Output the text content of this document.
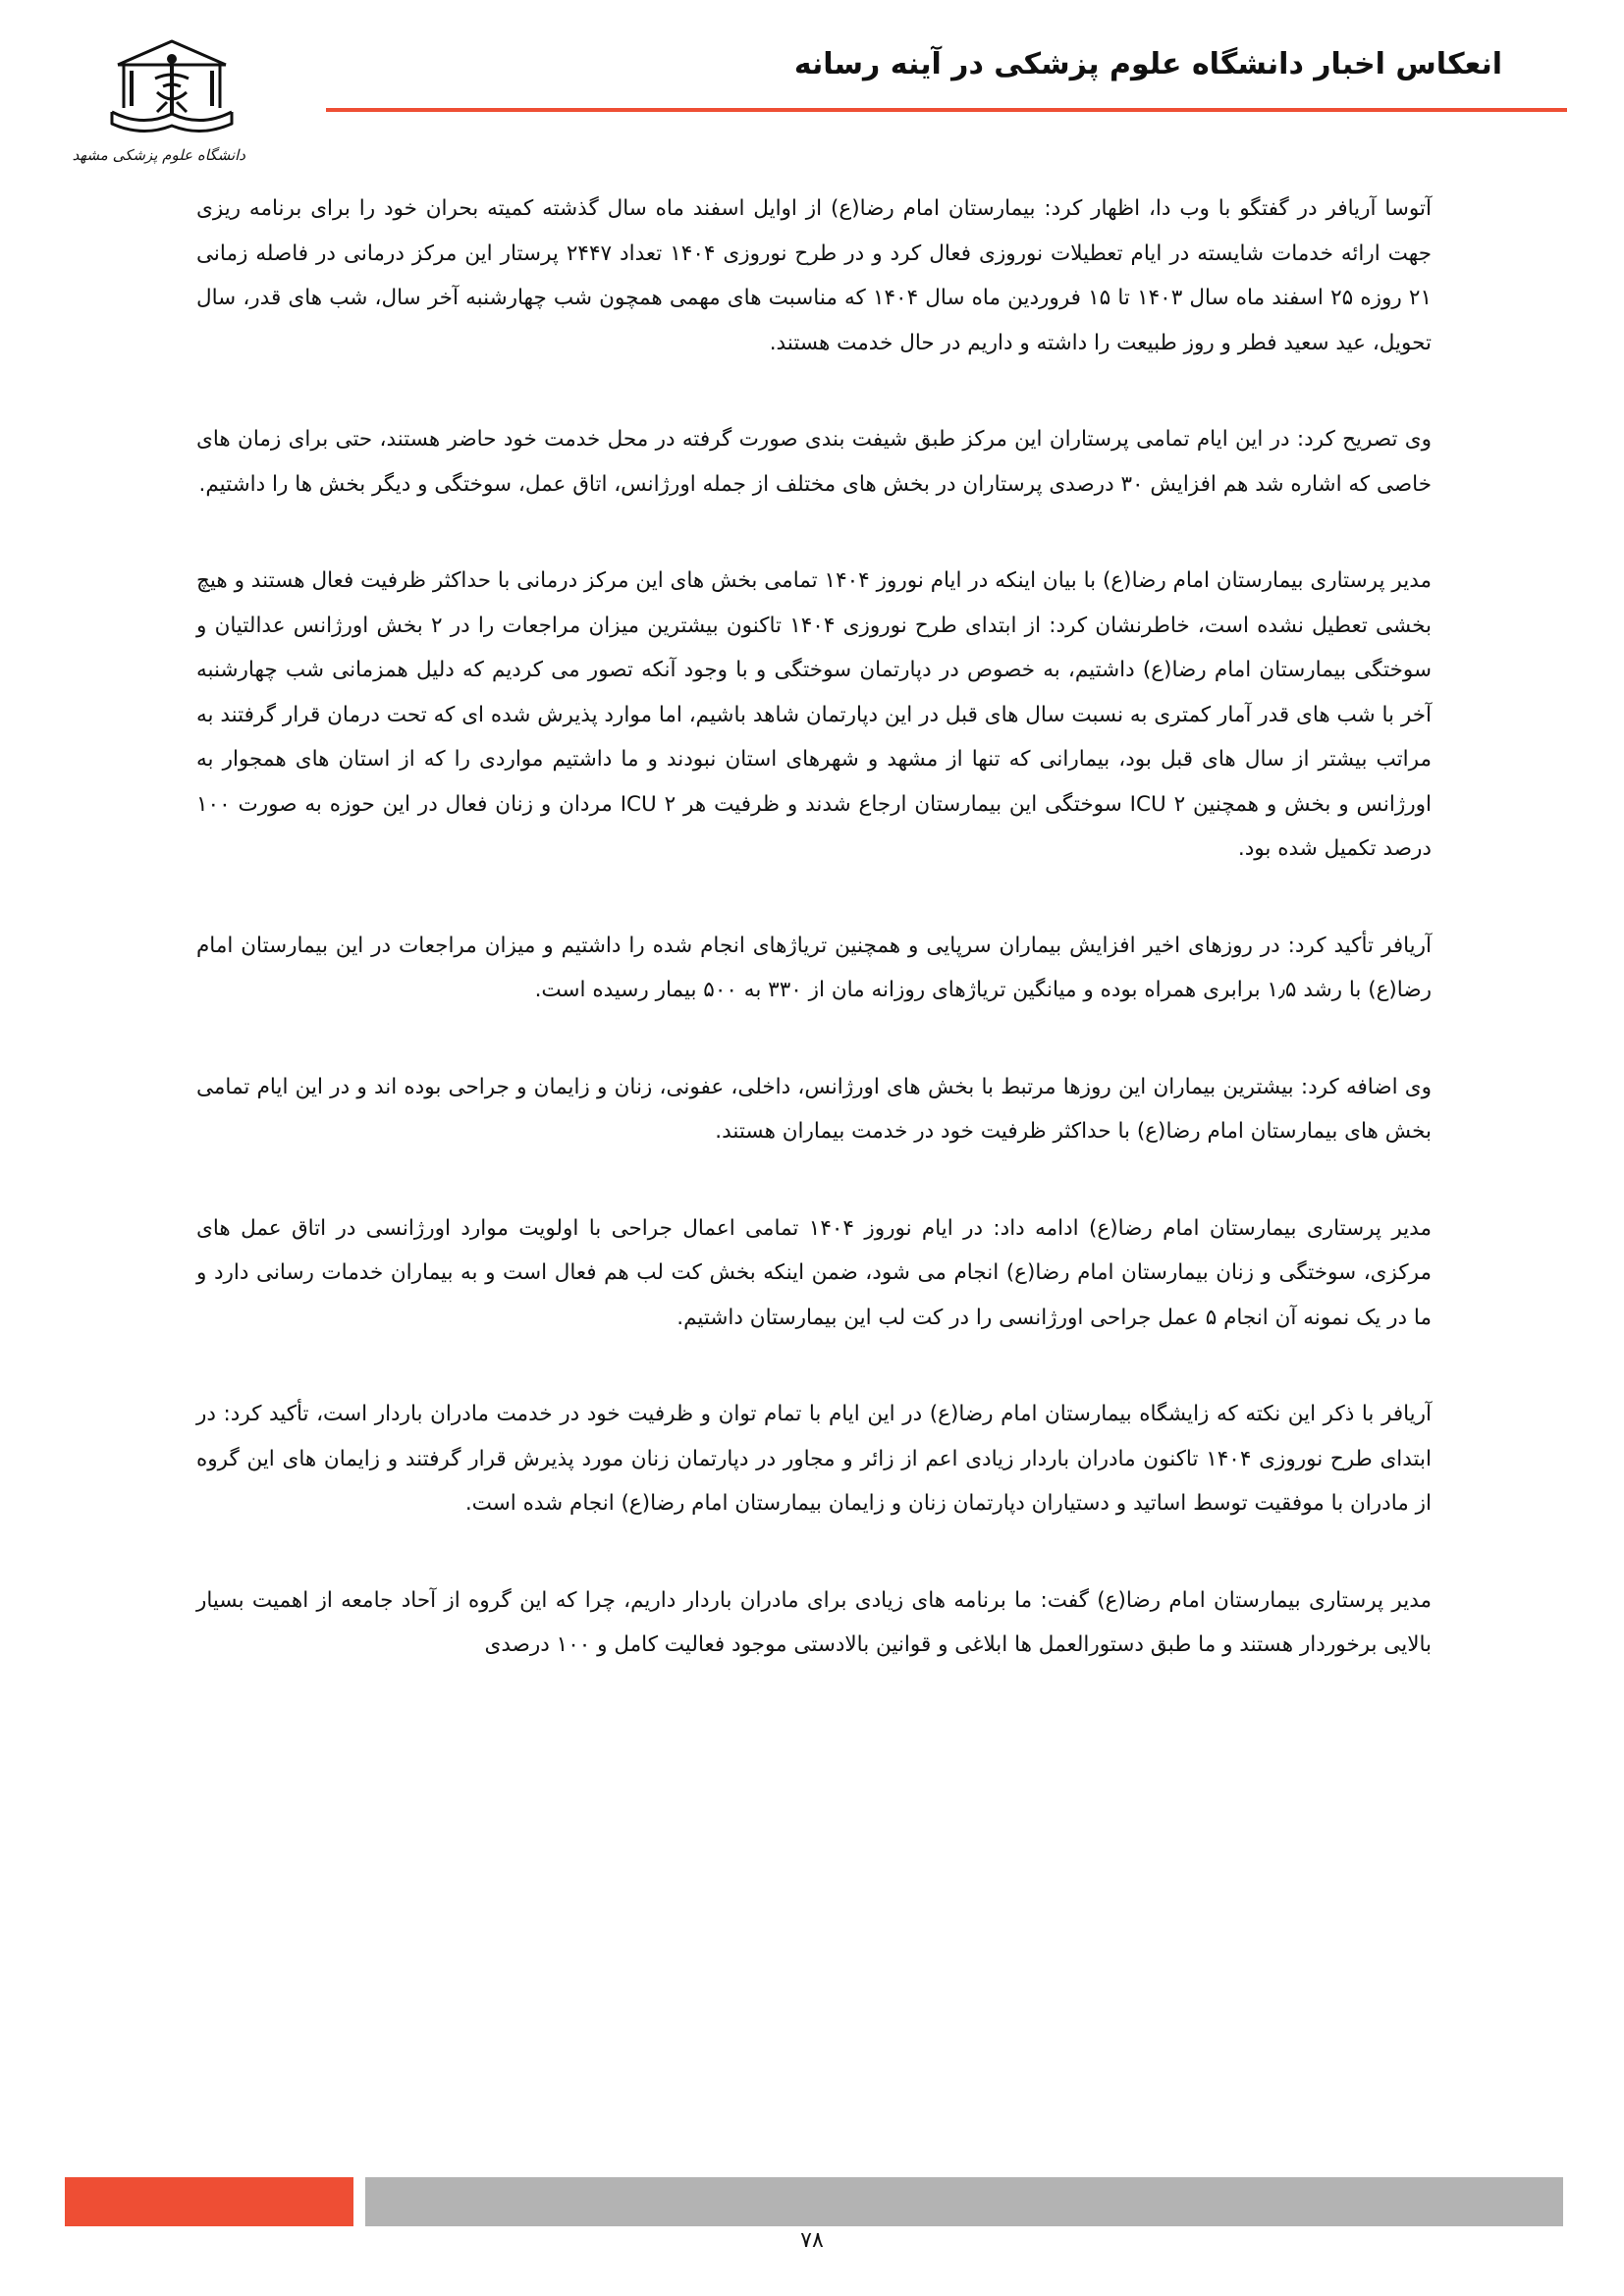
انعکاس اخبار دانشگاه علوم پزشکی در آینه رسانه
دانشگاه علوم پزشکی مشهد

آتوسا آریافر در گفتگو با وب دا، اظهار کرد: بیمارستان امام رضا(ع) از اوایل اسفند ماه سال گذشته کمیته بحران خود را برای برنامه ریزی جهت ارائه خدمات شایسته در ایام تعطیلات نوروزی فعال کرد و در طرح نوروزی ۱۴۰۴ تعداد ۲۴۴۷ پرستار این مرکز درمانی در فاصله زمانی ۲۱ روزه ۲۵ اسفند ماه سال ۱۴۰۳ تا ۱۵ فروردین ماه سال ۱۴۰۴ که مناسبت های مهمی همچون شب چهارشنبه آخر سال، شب های قدر، سال تحویل، عید سعید فطر و روز طبیعت را داشته و داریم در حال خدمت هستند.

وی تصریح کرد: در این ایام تمامی پرستاران این مرکز طبق شیفت بندی صورت گرفته در محل خدمت خود حاضر هستند، حتی برای زمان های خاصی که اشاره شد هم افزایش ۳۰ درصدی پرستاران در بخش های مختلف از جمله اورژانس، اتاق عمل، سوختگی و دیگر بخش ها را داشتیم.

مدیر پرستاری بیمارستان امام رضا(ع) با بیان اینکه در ایام نوروز ۱۴۰۴ تمامی بخش های این مرکز درمانی با حداکثر ظرفیت فعال هستند و هیچ بخشی تعطیل نشده است، خاطرنشان کرد: از ابتدای طرح نوروزی ۱۴۰۴ تاکنون بیشترین میزان مراجعات را در ۲ بخش اورژانس عدالتیان و سوختگی بیمارستان امام رضا(ع) داشتیم، به خصوص در دپارتمان سوختگی و با وجود آنکه تصور می کردیم که دلیل همزمانی شب چهارشنبه آخر با شب های قدر آمار کمتری به نسبت سال های قبل در این دپارتمان شاهد باشیم، اما موارد پذیرش شده ای که تحت درمان قرار گرفتند به مراتب بیشتر از سال های قبل بود، بیمارانی که تنها از مشهد و شهرهای استان نبودند و ما داشتیم مواردی را که از استان های همجوار به اورژانس و بخش و همچنین ۲ ICU سوختگی این بیمارستان ارجاع شدند و ظرفیت هر ۲ ICU مردان و زنان فعال در این حوزه به صورت ۱۰۰ درصد تکمیل شده بود.

آریافر تأکید کرد: در روزهای اخیر افزایش بیماران سرپایی و همچنین تریاژهای انجام شده را داشتیم و میزان مراجعات در این بیمارستان امام رضا(ع) با رشد ۱٫۵ برابری همراه بوده و میانگین تریاژهای روزانه مان از ۳۳۰ به ۵۰۰ بیمار رسیده است.

وی اضافه کرد: بیشترین بیماران این روزها مرتبط با بخش های اورژانس، داخلی، عفونی، زنان و زایمان و جراحی بوده اند و در این ایام تمامی بخش های بیمارستان امام رضا(ع) با حداکثر ظرفیت خود در خدمت بیماران هستند.

مدیر پرستاری بیمارستان امام رضا(ع) ادامه داد: در ایام نوروز ۱۴۰۴ تمامی اعمال جراحی با اولویت موارد اورژانسی در اتاق عمل های مرکزی، سوختگی و زنان بیمارستان امام رضا(ع) انجام می شود، ضمن اینکه بخش کت لب هم فعال است و به بیماران خدمات رسانی دارد و ما در یک نمونه آن انجام ۵ عمل جراحی اورژانسی را در کت لب این بیمارستان داشتیم.

آریافر با ذکر این نکته که زایشگاه بیمارستان امام رضا(ع) در این ایام با تمام توان و ظرفیت خود در خدمت مادران باردار است، تأکید کرد: در ابتدای طرح نوروزی ۱۴۰۴ تاکنون مادران باردار زیادی اعم از زائر و مجاور در دپارتمان زنان مورد پذیرش قرار گرفتند و زایمان های این گروه از مادران با موفقیت توسط اساتید و دستیاران دپارتمان زنان و زایمان بیمارستان امام رضا(ع) انجام شده است.

مدیر پرستاری بیمارستان امام رضا(ع) گفت: ما برنامه های زیادی برای مادران باردار داریم، چرا که این گروه از آحاد جامعه از اهمیت بسیار بالایی برخوردار هستند و ما طبق دستورالعمل ها ابلاغی و قوانین بالادستی موجود فعالیت کامل و ۱۰۰ درصدی

۷۸
